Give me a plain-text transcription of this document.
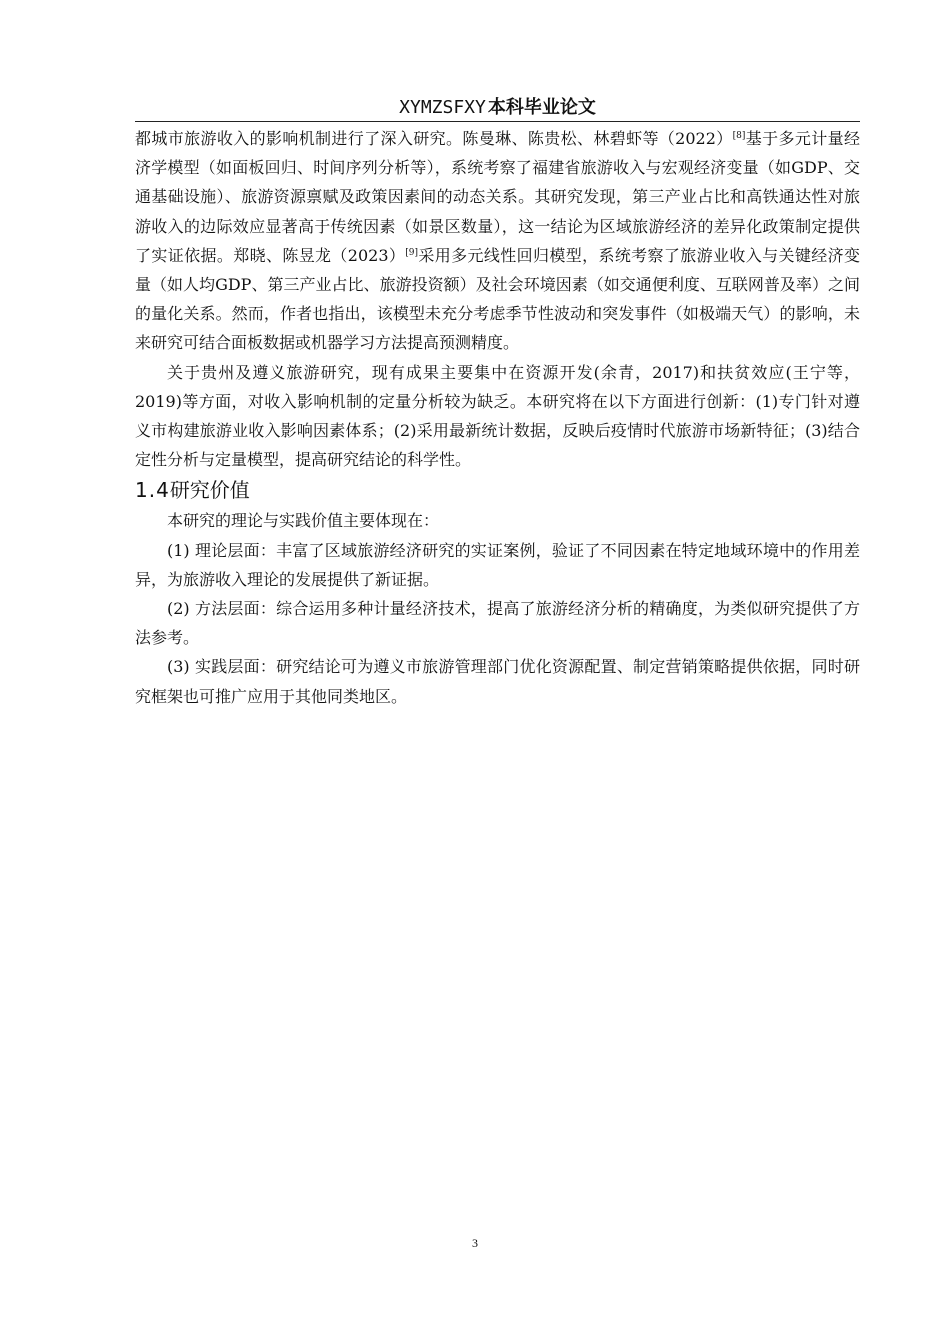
XYMZSFXY 本科毕业论文

都城市旅游收入的影响机制进行了深入研究。陈曼琳、陈贵松、林碧虾等（2022）[8]基于多元计量经济学模型（如面板回归、时间序列分析等），系统考察了福建省旅游收入与宏观经济变量（如GDP、交通基础设施）、旅游资源禀赋及政策因素间的动态关系。其研究发现，第三产业占比和高铁通达性对旅游收入的边际效应显著高于传统因素（如景区数量），这一结论为区域旅游经济的差异化政策制定提供了实证依据。郑晓、陈昱龙（2023）[9]采用多元线性回归模型，系统考察了旅游业收入与关键经济变量（如人均GDP、第三产业占比、旅游投资额）及社会环境因素（如交通便利度、互联网普及率）之间的量化关系。然而，作者也指出，该模型未充分考虑季节性波动和突发事件（如极端天气）的影响，未来研究可结合面板数据或机器学习方法提高预测精度。

关于贵州及遵义旅游研究，现有成果主要集中在资源开发(余青，2017)和扶贫效应(王宁等，2019)等方面，对收入影响机制的定量分析较为缺乏。本研究将在以下方面进行创新：(1)专门针对遵义市构建旅游业收入影响因素体系；(2)采用最新统计数据，反映后疫情时代旅游市场新特征；(3)结合定性分析与定量模型，提高研究结论的科学性。

1.4研究价值

本研究的理论与实践价值主要体现在：

(1) 理论层面：丰富了区域旅游经济研究的实证案例，验证了不同因素在特定地域环境中的作用差异，为旅游收入理论的发展提供了新证据。

(2) 方法层面：综合运用多种计量经济技术，提高了旅游经济分析的精确度，为类似研究提供了方法参考。

(3) 实践层面：研究结论可为遵义市旅游管理部门优化资源配置、制定营销策略提供依据，同时研究框架也可推广应用于其他同类地区。

3
